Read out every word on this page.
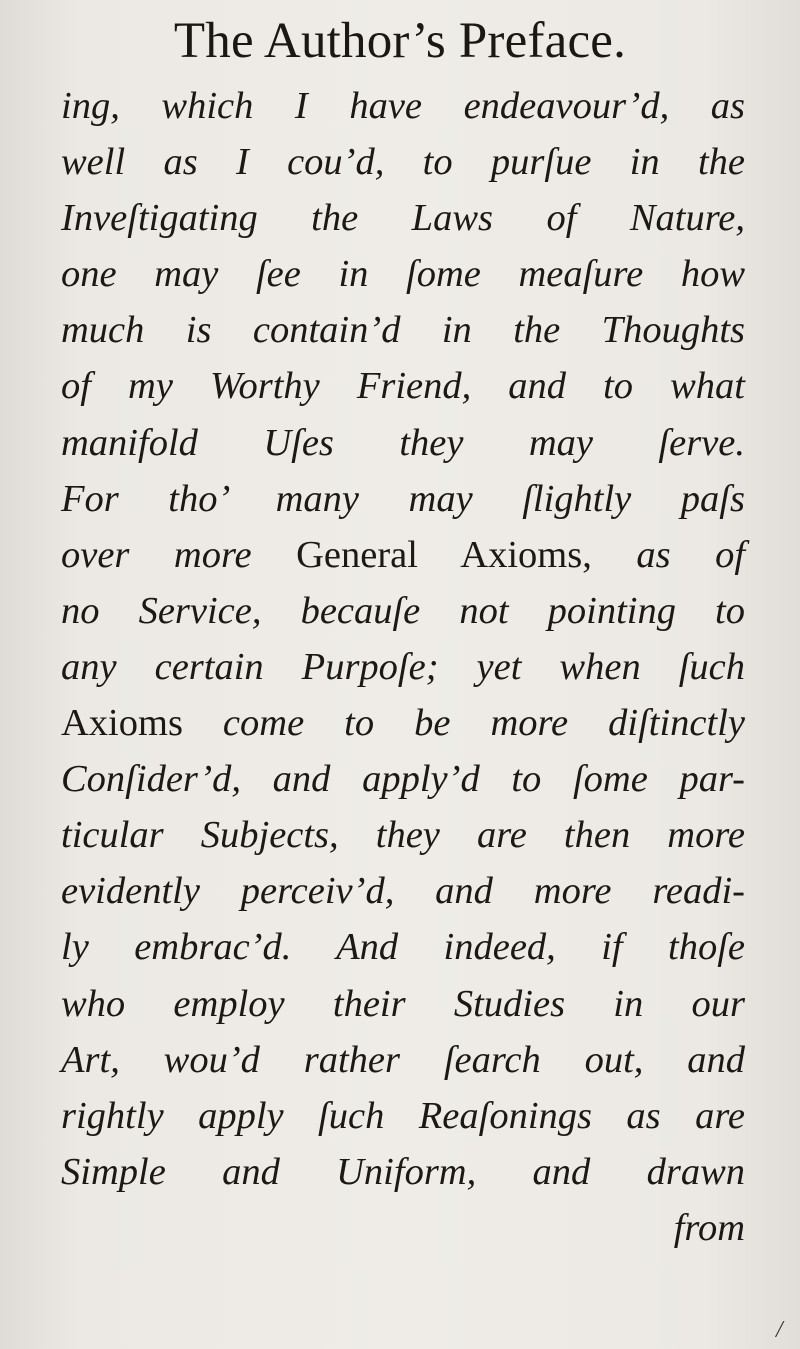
The Author’s Preface.
ing, which I have endeavour’d, as
well as I cou’d, to purſue in the
Inveſtigating the Laws of Nature,
one may ſee in ſome meaſure how
much is contain’d in the Thoughts
of my Worthy Friend, and to what
manifold Uſes they may ſerve.
For tho’ many may ſlightly paſs
over more General Axioms, as of
no Service, becauſe not pointing to
any certain Purpoſe; yet when ſuch
Axioms come to be more diſtinctly
Conſider’d, and apply’d to ſome par-
ticular Subjects, they are then more
evidently perceiv’d, and more readi-
ly embrac’d. And indeed, if thoſe
who employ their Studies in our
Art, wou’d rather ſearch out, and
rightly apply ſuch Reaſonings as are
Simple and Uniform, and drawn
from
/
